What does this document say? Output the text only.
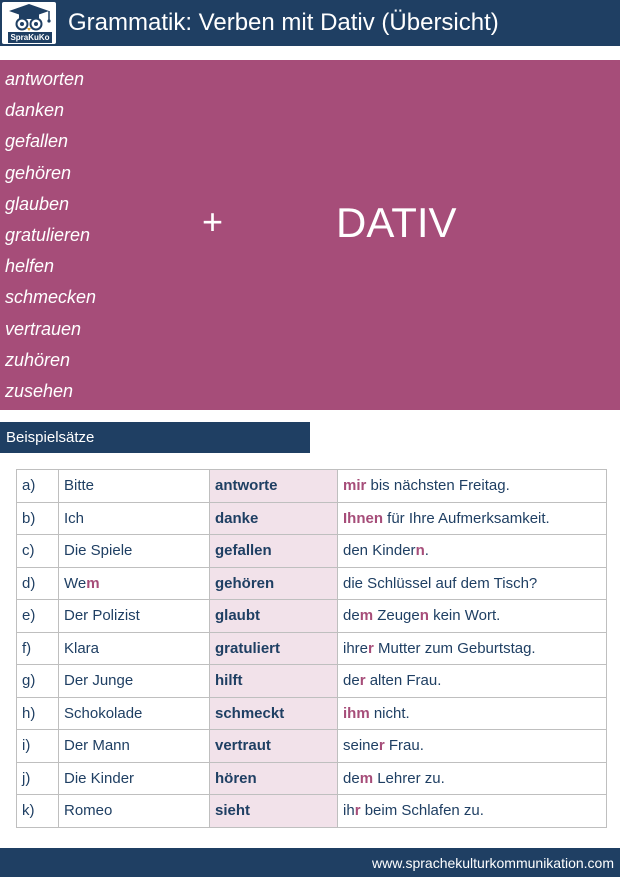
SpraKuKo
Grammatik: Verben mit Dativ (Übersicht)
antworten
danken
gefallen
gehören
glauben
gratulieren
helfen
schmecken
vertrauen
zuhören
zusehen
+	DATIV
Beispielsätze
a)	Bitte	antworte	mir bis nächsten Freitag.
b)	Ich	danke	Ihnen für Ihre Aufmerksamkeit.
c)	Die Spiele	gefallen	den Kindern.
d)	Wem	gehören	die Schlüssel auf dem Tisch?
e)	Der Polizist	glaubt	dem Zeugen kein Wort.
f)	Klara	gratuliert	ihrer Mutter zum Geburtstag.
g)	Der Junge	hilft	der alten Frau.
h)	Schokolade	schmeckt	ihm nicht.
i)	Der Mann	vertraut	seiner Frau.
j)	Die Kinder	hören	dem Lehrer zu.
k)	Romeo	sieht	ihr beim Schlafen zu.
www.sprachekulturkommunikation.com
